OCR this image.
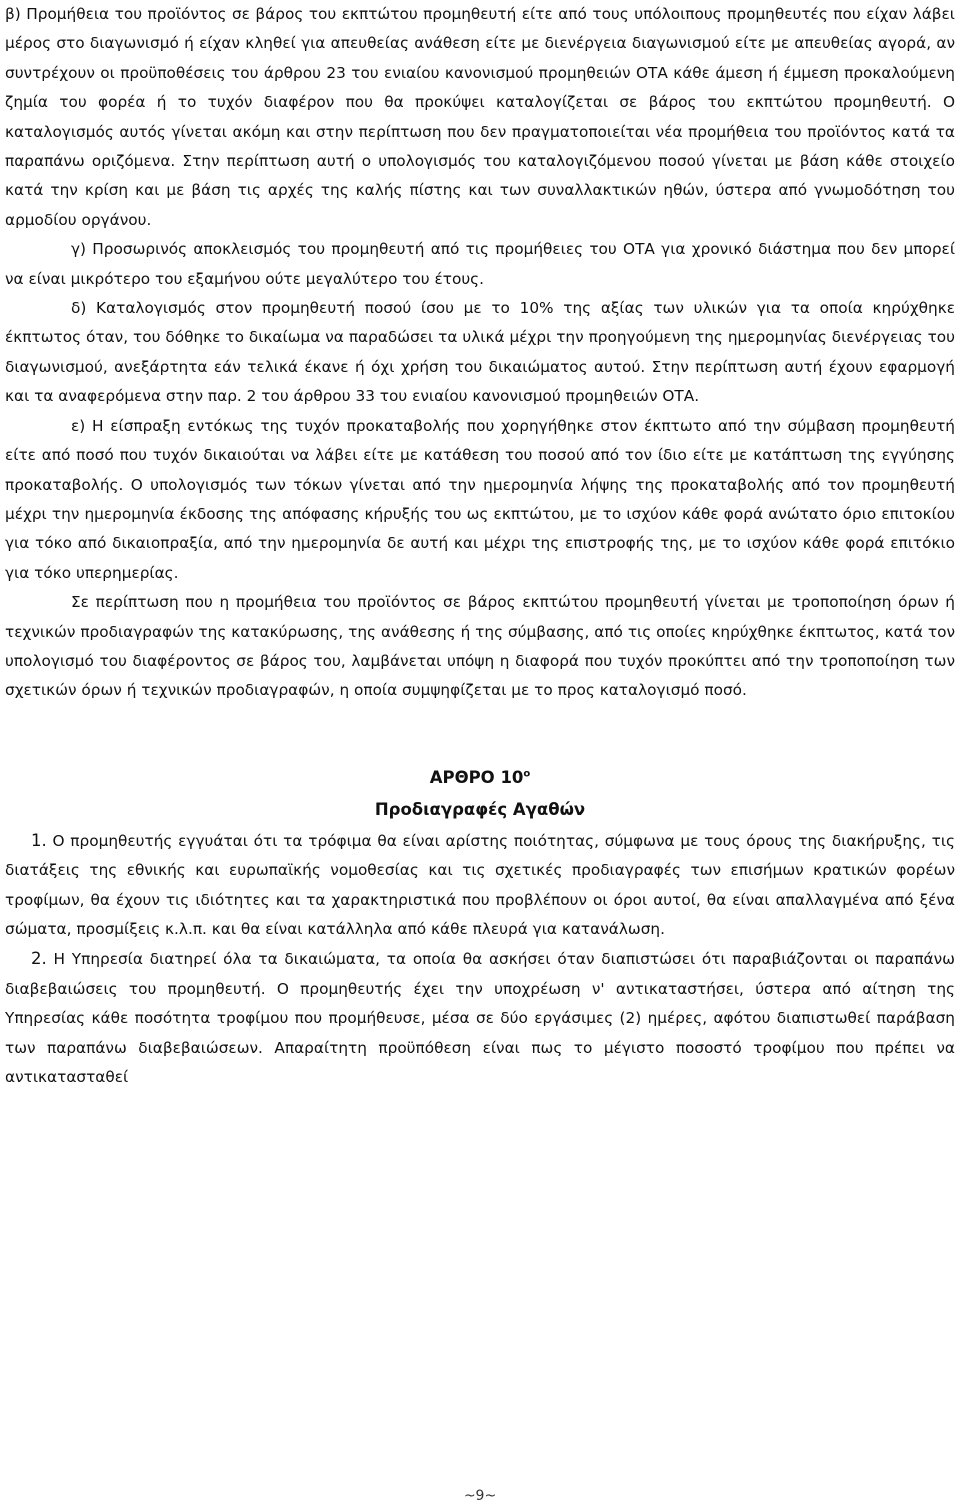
β) Προμήθεια του προϊόντος σε βάρος του εκπτώτου προμηθευτή είτε από τους υπόλοιπους προμηθευτές που είχαν λάβει μέρος στο διαγωνισμό ή είχαν κληθεί για απευθείας ανάθεση είτε με διενέργεια διαγωνισμού είτε με απευθείας αγορά, αν συντρέχουν οι προϋποθέσεις του άρθρου 23 του ενιαίου κανονισμού προμηθειών ΟΤΑ κάθε άμεση ή έμμεση προκαλούμενη ζημία του φορέα ή το τυχόν διαφέρον που θα προκύψει καταλογίζεται σε βάρος του εκπτώτου προμηθευτή. Ο καταλογισμός αυτός γίνεται ακόμη και στην περίπτωση που δεν πραγματοποιείται νέα προμήθεια του προϊόντος κατά τα παραπάνω οριζόμενα. Στην περίπτωση αυτή ο υπολογισμός του καταλογιζόμενου ποσού γίνεται με βάση κάθε στοιχείο κατά την κρίση και με βάση τις αρχές της καλής πίστης και των συναλλακτικών ηθών, ύστερα από γνωμοδότηση του αρμοδίου οργάνου.

γ) Προσωρινός αποκλεισμός του προμηθευτή από τις προμήθειες του ΟΤΑ για χρονικό διάστημα που δεν μπορεί να είναι μικρότερο του εξαμήνου ούτε μεγαλύτερο του έτους.

δ) Καταλογισμός στον προμηθευτή ποσού ίσου με το 10% της αξίας των υλικών για τα οποία κηρύχθηκε έκπτωτος όταν, του δόθηκε το δικαίωμα να παραδώσει τα υλικά μέχρι την προηγούμενη της ημερομηνίας διενέργειας του διαγωνισμού, ανεξάρτητα εάν τελικά έκανε ή όχι χρήση του δικαιώματος αυτού. Στην περίπτωση αυτή έχουν εφαρμογή και τα αναφερόμενα στην παρ. 2 του άρθρου 33 του ενιαίου κανονισμού προμηθειών ΟΤΑ.

ε) Η είσπραξη εντόκως της τυχόν προκαταβολής που χορηγήθηκε στον έκπτωτο από την σύμβαση προμηθευτή είτε από ποσό που τυχόν δικαιούται να λάβει είτε με κατάθεση του ποσού από τον ίδιο είτε με κατάπτωση της εγγύησης προκαταβολής. Ο υπολογισμός των τόκων γίνεται από την ημερομηνία λήψης της προκαταβολής από τον προμηθευτή μέχρι την ημερομηνία έκδοσης της απόφασης κήρυξής του ως εκπτώτου, με το ισχύον κάθε φορά ανώτατο όριο επιτοκίου για τόκο από δικαιοπραξία, από την ημερομηνία δε αυτή και μέχρι της επιστροφής της, με το ισχύον κάθε φορά επιτόκιο για τόκο υπερημερίας.

Σε περίπτωση που η προμήθεια του προϊόντος σε βάρος εκπτώτου προμηθευτή γίνεται με τροποποίηση όρων ή τεχνικών προδιαγραφών της κατακύρωσης, της ανάθεσης ή της σύμβασης, από τις οποίες κηρύχθηκε έκπτωτος, κατά τον υπολογισμό του διαφέροντος σε βάρος του, λαμβάνεται υπόψη η διαφορά που τυχόν προκύπτει από την τροποποίηση των σχετικών όρων ή τεχνικών προδιαγραφών, η οποία συμψηφίζεται με το προς καταλογισμό ποσό.

ΑΡΘΡΟ $10^o$
Προδιαγραφές Αγαθών

1. Ο προμηθευτής εγγυάται ότι τα τρόφιμα θα είναι αρίστης ποιότητας, σύμφωνα με τους όρους της διακήρυξης, τις διατάξεις της εθνικής και ευρωπαϊκής νομοθεσίας και τις σχετικές προδιαγραφές των επισήμων κρατικών φορέων τροφίμων, θα έχουν τις ιδιότητες και τα χαρακτηριστικά που προβλέπουν οι όροι αυτοί, θα είναι απαλλαγμένα από ξένα σώματα, προσμίξεις κ.λ.π. και θα είναι κατάλληλα από κάθε πλευρά για κατανάλωση.

2. Η Υπηρεσία διατηρεί όλα τα δικαιώματα, τα οποία θα ασκήσει όταν διαπιστώσει ότι παραβιάζονται οι παραπάνω διαβεβαιώσεις του προμηθευτή. Ο προμηθευτής έχει την υποχρέωση ν' αντικαταστήσει, ύστερα από αίτηση της Υπηρεσίας κάθε ποσότητα τροφίμου που προμήθευσε, μέσα σε δύο εργάσιμες (2) ημέρες, αφότου διαπιστωθεί παράβαση των παραπάνω διαβεβαιώσεων. Απαραίτητη προϋπόθεση είναι πως το μέγιστο ποσοστό τροφίμου που πρέπει να αντικατασταθεί

~9~
